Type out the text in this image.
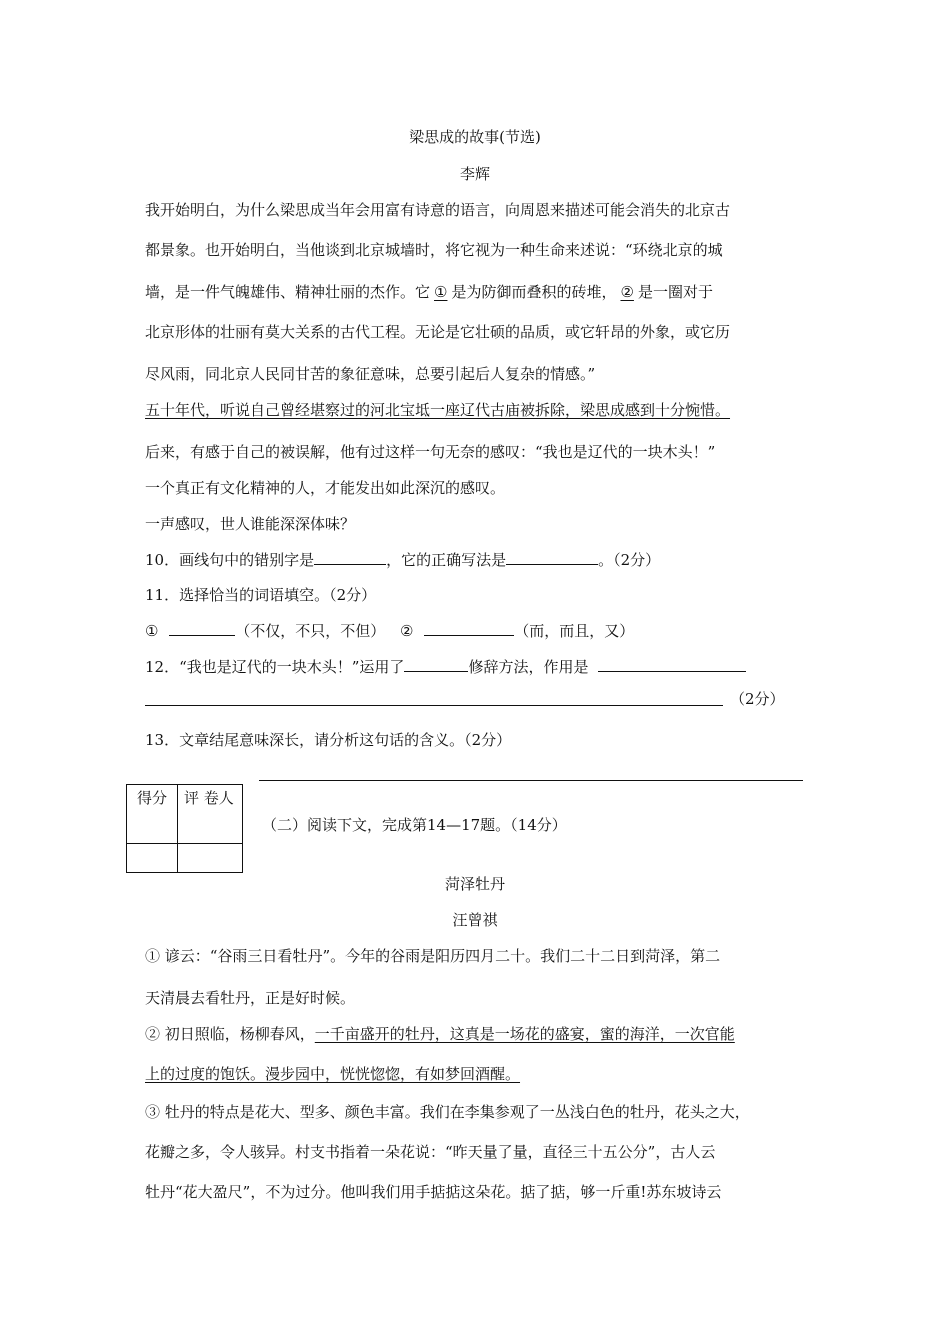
梁思成的故事(节选)
李辉
我开始明白，为什么梁思成当年会用富有诗意的语言，向周恩来描述可能会消失的北京古
都景象。也开始明白，当他谈到北京城墙时，将它视为一种生命来述说：“环绕北京的城
墙，是一件气魄雄伟、精神壮丽的杰作。它 ① 是为防御而叠积的砖堆， ② 是一圈对于
北京形体的壮丽有莫大关系的古代工程。无论是它壮硕的品质，或它轩昂的外象，或它历
尽风雨，同北京人民同甘苦的象征意味，总要引起后人复杂的情感。”
五十年代，听说自己曾经堪察过的河北宝坻一座辽代古庙被拆除，梁思成感到十分惋惜。
后来，有感于自己的被误解，他有过这样一句无奈的感叹：“我也是辽代的一块木头！”
一个真正有文化精神的人，才能发出如此深沉的感叹。
一声感叹，世人谁能深深体味？
10．画线句中的错别字是	，它的正确写法是	。（2分）
11．选择恰当的词语填空。（2分）
①	（不仅，不只，不但） ②	（而，而且，又）
12．“我也是辽代的一块木头！”运用了	修辞方法，作用是
（2分）
13．文章结尾意味深长，请分析这句话的含义。（2分）
得分	评 卷人

（二）阅读下文，完成第14—17题。（14分）
菏泽牡丹
汪曾祺
① 谚云：“谷雨三日看牡丹”。今年的谷雨是阳历四月二十。我们二十二日到菏泽，第二
天清晨去看牡丹，正是好时候。
② 初日照临，杨柳春风，一千亩盛开的牡丹，这真是一场花的盛宴，蜜的海洋，一次官能
上的过度的饱饫。漫步园中，恍恍惚惚，有如梦回酒醒。
③ 牡丹的特点是花大、型多、颜色丰富。我们在李集参观了一丛浅白色的牡丹，花头之大，
花瓣之多，令人骇异。村支书指着一朵花说：“昨天量了量，直径三十五公分”，古人云
牡丹“花大盈尺”，不为过分。他叫我们用手掂掂这朵花。掂了掂，够一斤重!苏东坡诗云
